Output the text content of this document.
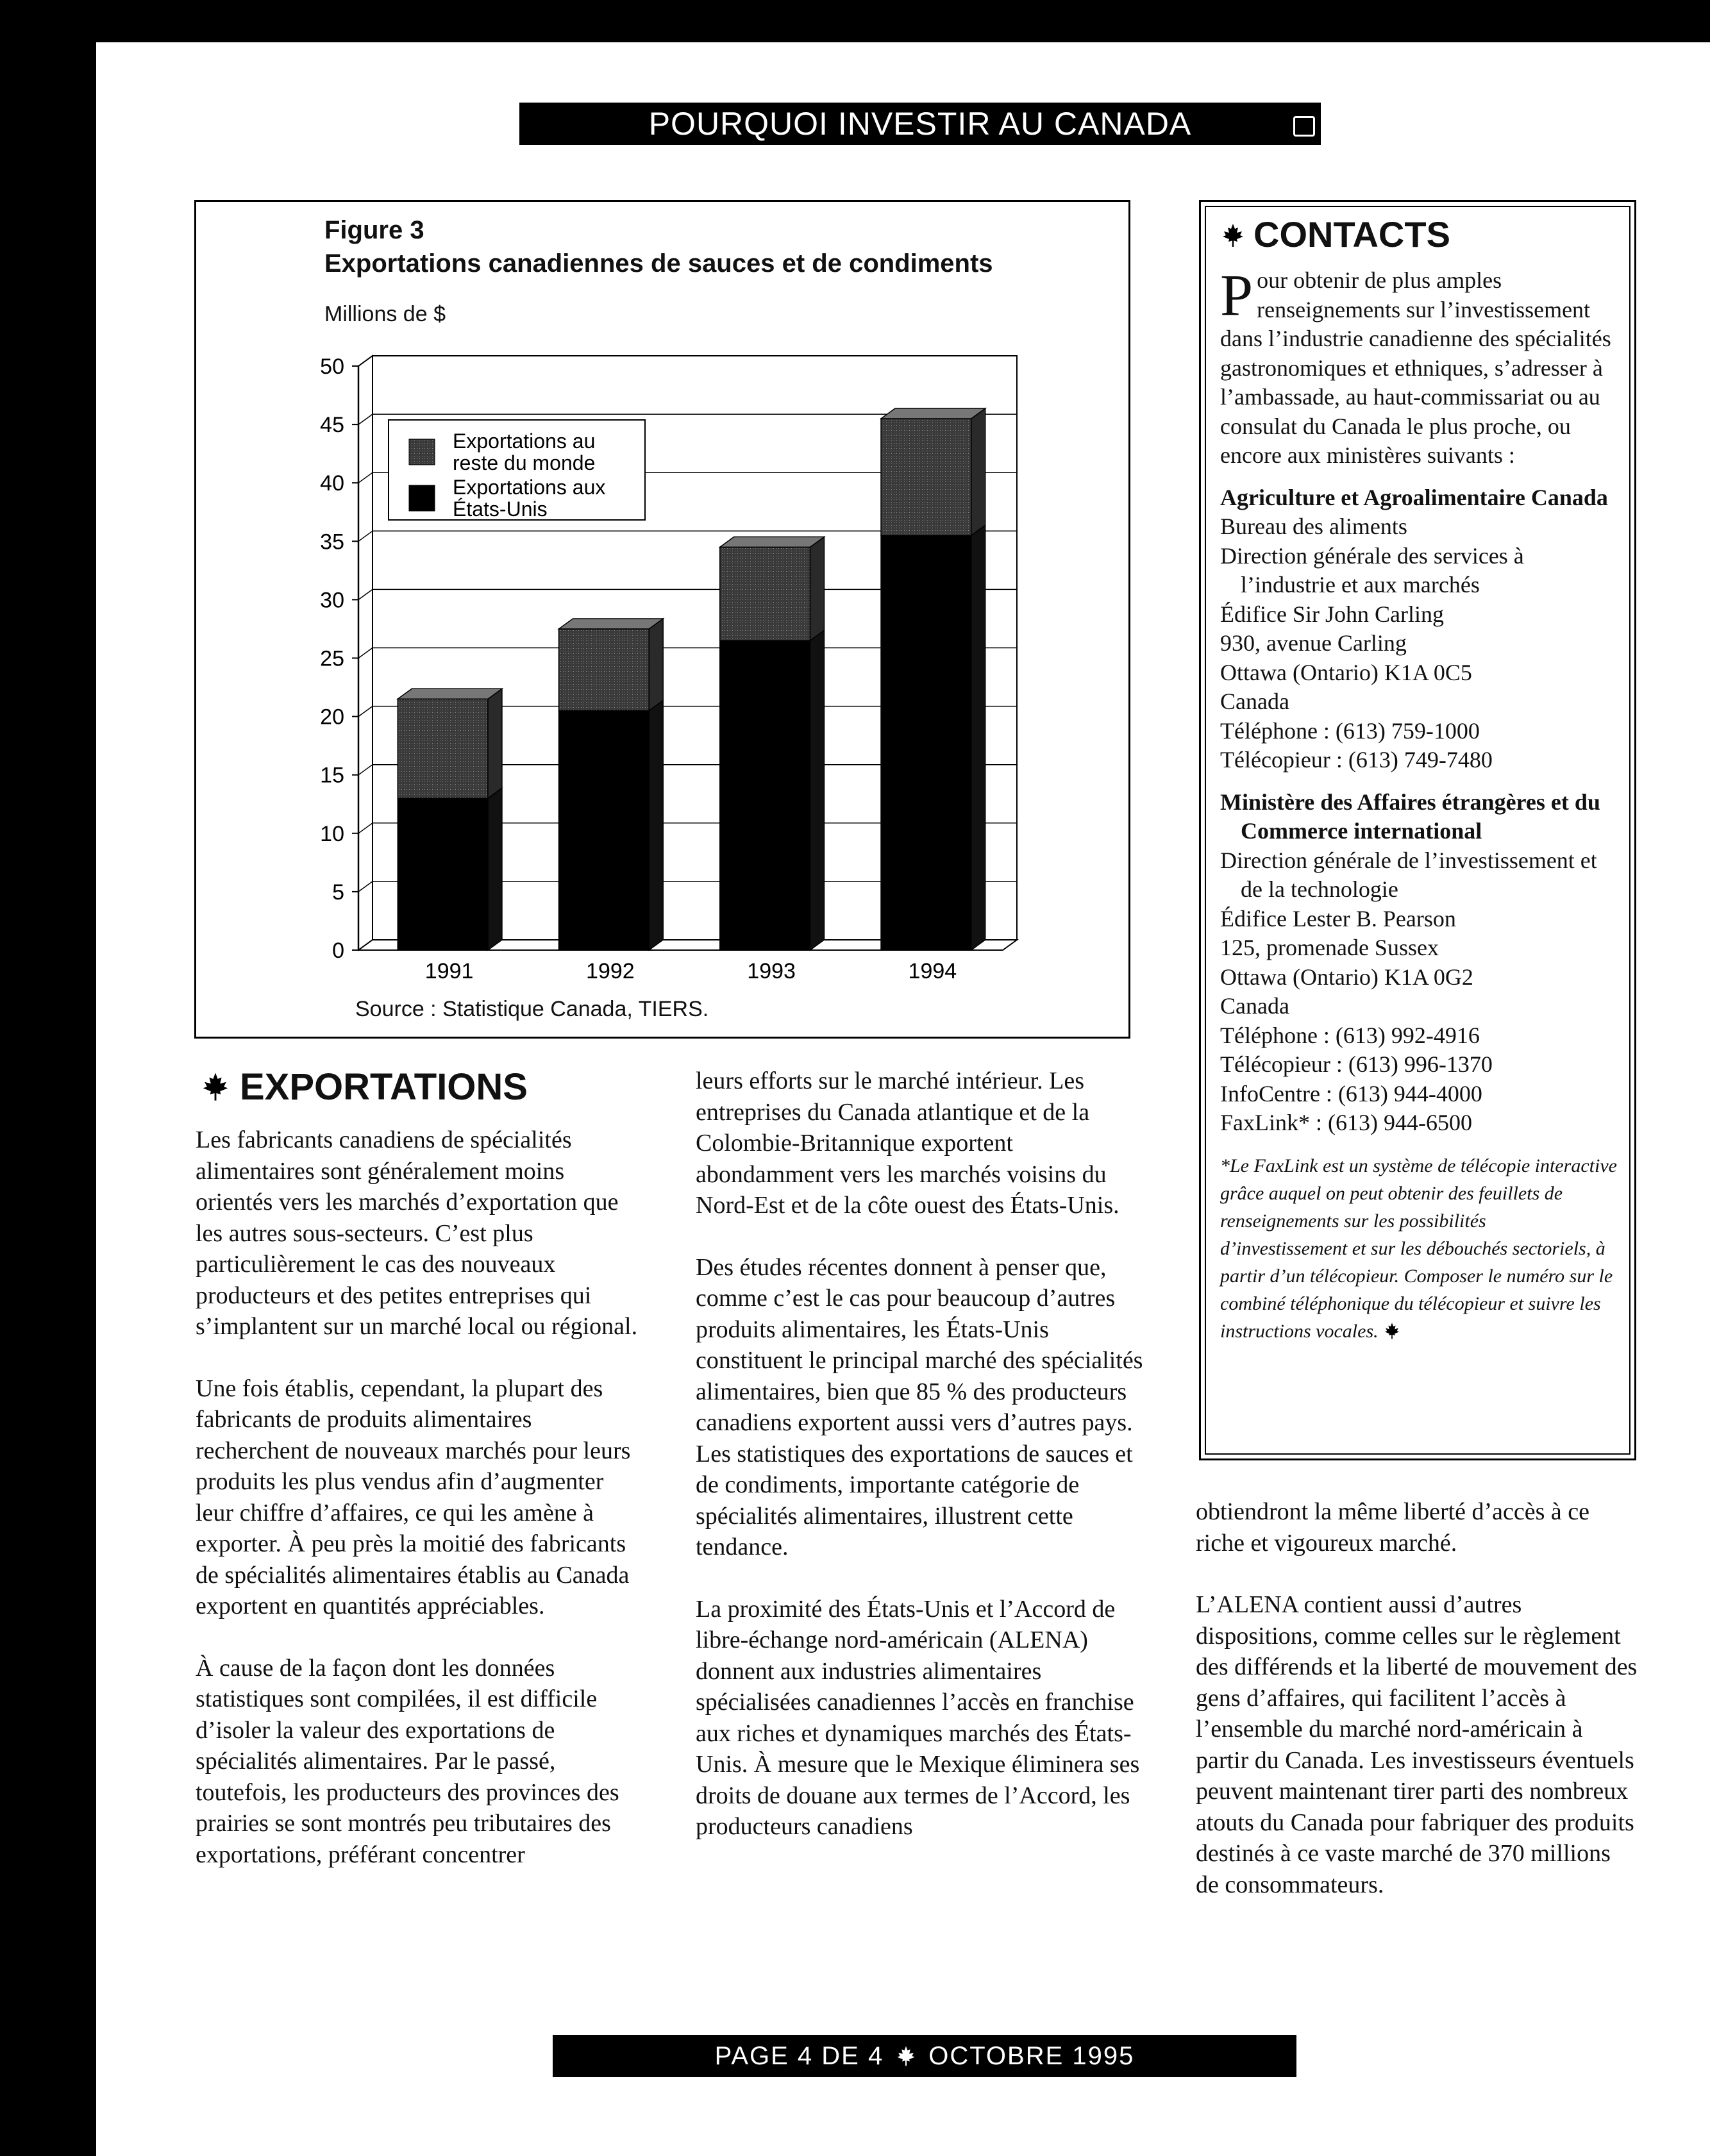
POURQUOI INVESTIR AU CANADA
0
5
10
15
20
25
30
35
40
45
50
1991	1992	1993	1994
Exportations au
reste du monde
Exportations aux
États-Unis
Figure 3
Exportations canadiennes de sauces et de condiments
Millions de $
Source : Statistique Canada, TIERS.
CONTACTS

Pour obtenir de plus amples renseignements sur l’investissement dans l’industrie canadienne des spécialités gastronomiques et ethniques, s’adresser à l’ambassade, au haut-commissariat ou au consulat du Canada le plus proche, ou encore aux ministères suivants :

Agriculture et Agroalimentaire Canada

Bureau des aliments

Direction générale des services à l’industrie et aux marchés

Édifice Sir John Carling

930, avenue Carling

Ottawa (Ontario) K1A 0C5

Canada

Téléphone : (613) 759-1000

Télécopieur : (613) 749-7480

Ministère des Affaires étrangères et du Commerce international

Direction générale de l’investissement et de la technologie

Édifice Lester B. Pearson

125, promenade Sussex

Ottawa (Ontario) K1A 0G2

Canada

Téléphone : (613) 992-4916

Télécopieur : (613) 996-1370

InfoCentre : (613) 944-4000

FaxLink* : (613) 944-6500

*Le FaxLink est un système de télécopie interactive grâce auquel on peut obtenir des feuillets de renseignements sur les possibilités d’investissement et sur les débouchés sectoriels, à partir d’un télécopieur. Composer le numéro sur le combiné téléphonique du télécopieur et suivre les instructions vocales.

EXPORTATIONS

Les fabricants canadiens de spécialités alimentaires sont généralement moins orientés vers les marchés d’exportation que les autres sous-secteurs. C’est plus particulièrement le cas des nouveaux producteurs et des petites entreprises qui s’implantent sur un marché local ou régional.

Une fois établis, cependant, la plupart des fabricants de produits alimentaires recherchent de nouveaux marchés pour leurs produits les plus vendus afin d’augmenter leur chiffre d’affaires, ce qui les amène à exporter. À peu près la moitié des fabricants de spécialités alimentaires établis au Canada exportent en quantités appréciables.

À cause de la façon dont les données statistiques sont compilées, il est difficile d’isoler la valeur des exportations de spécialités alimentaires. Par le passé, toutefois, les producteurs des provinces des prairies se sont montrés peu tributaires des exportations, préférant concentrer

leurs efforts sur le marché intérieur. Les entreprises du Canada atlantique et de la Colombie-Britannique exportent abondamment vers les marchés voisins du Nord-Est et de la côte ouest des États-Unis.

Des études récentes donnent à penser que, comme c’est le cas pour beaucoup d’autres produits alimentaires, les États-Unis constituent le principal marché des spécialités alimentaires, bien que 85 % des producteurs canadiens exportent aussi vers d’autres pays. Les statistiques des exportations de sauces et de condiments, importante catégorie de spécialités alimentaires, illustrent cette tendance.

La proximité des États-Unis et l’Accord de libre-échange nord-américain (ALENA) donnent aux industries alimentaires spécialisées canadiennes l’accès en franchise aux riches et dynamiques marchés des États-Unis. À mesure que le Mexique éliminera ses droits de douane aux termes de l’Accord, les producteurs canadiens

obtiendront la même liberté d’accès à ce riche et vigoureux marché.

L’ALENA contient aussi d’autres dispositions, comme celles sur le règlement des différends et la liberté de mouvement des gens d’affaires, qui facilitent l’accès à l’ensemble du marché nord-américain à partir du Canada. Les investisseurs éventuels peuvent maintenant tirer parti des nombreux atouts du Canada pour fabriquer des produits destinés à ce vaste marché de 370 millions de consommateurs.

PAGE 4 DE 4 OCTOBRE 1995
